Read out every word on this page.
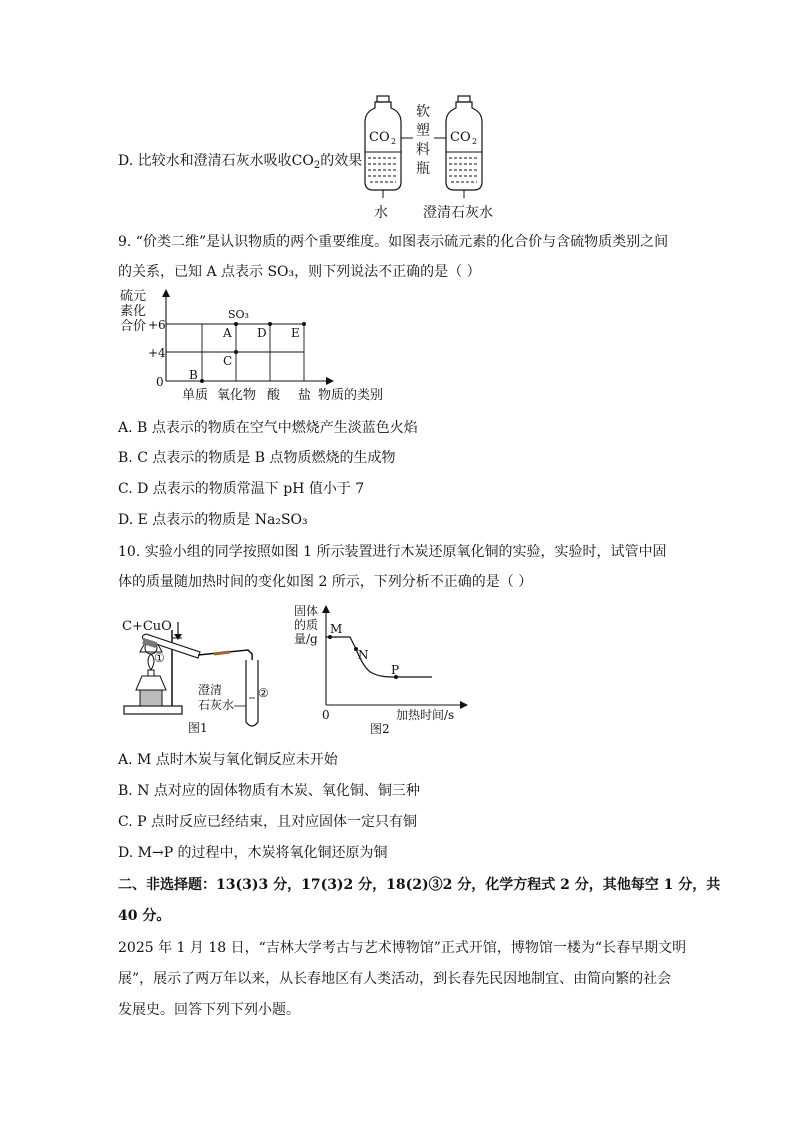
D. 比较水和澄清石灰水吸收$CO_2$的效果
CO 2	CO 2
软
塑
料
瓶
水	澄清石灰水
9. “价类二维”是认识物质的两个重要维度。如图表示硫元素的化合价与含硫物质类别之间
的关系，已知 A 点表示 SO₃，则下列说法不正确的是（ ）
硫元
素化
合价 +6
+4
0
单质 氧化物 酸 盐 物质的类别
B
C
A
SO₃
D E
A. B 点表示的物质在空气中燃烧产生淡蓝色火焰
B. C 点表示的物质是 B 点物质燃烧的生成物
C. D 点表示的物质常温下 pH 值小于 7
D. E 点表示的物质是 Na₂SO₃
10. 实验小组的同学按照如图 1 所示装置进行木炭还原氧化铜的实验，实验时，试管中固
体的质量随加热时间的变化如图 2 所示，下列分析不正确的是（ ）
C+CuO
①
②
澄清
石灰水
图1
固体
的质
量/g
M
N
P
0	加热时间/s
图2
A. M 点时木炭与氧化铜反应未开始
B. N 点对应的固体物质有木炭、氧化铜、铜三种
C. P 点时反应已经结束，且对应固体一定只有铜
D. M→P 的过程中，木炭将氧化铜还原为铜
二、非选择题：13(3)3 分，17(3)2 分，18(2)③2 分，化学方程式 2 分，其他每空 1 分，共
40 分。
2025 年 1 月 18 日，“吉林大学考古与艺术博物馆”正式开馆，博物馆一楼为“长春早期文明
展”，展示了两万年以来，从长春地区有人类活动，到长春先民因地制宜、由简向繁的社会
发展史。回答下列下列小题。
